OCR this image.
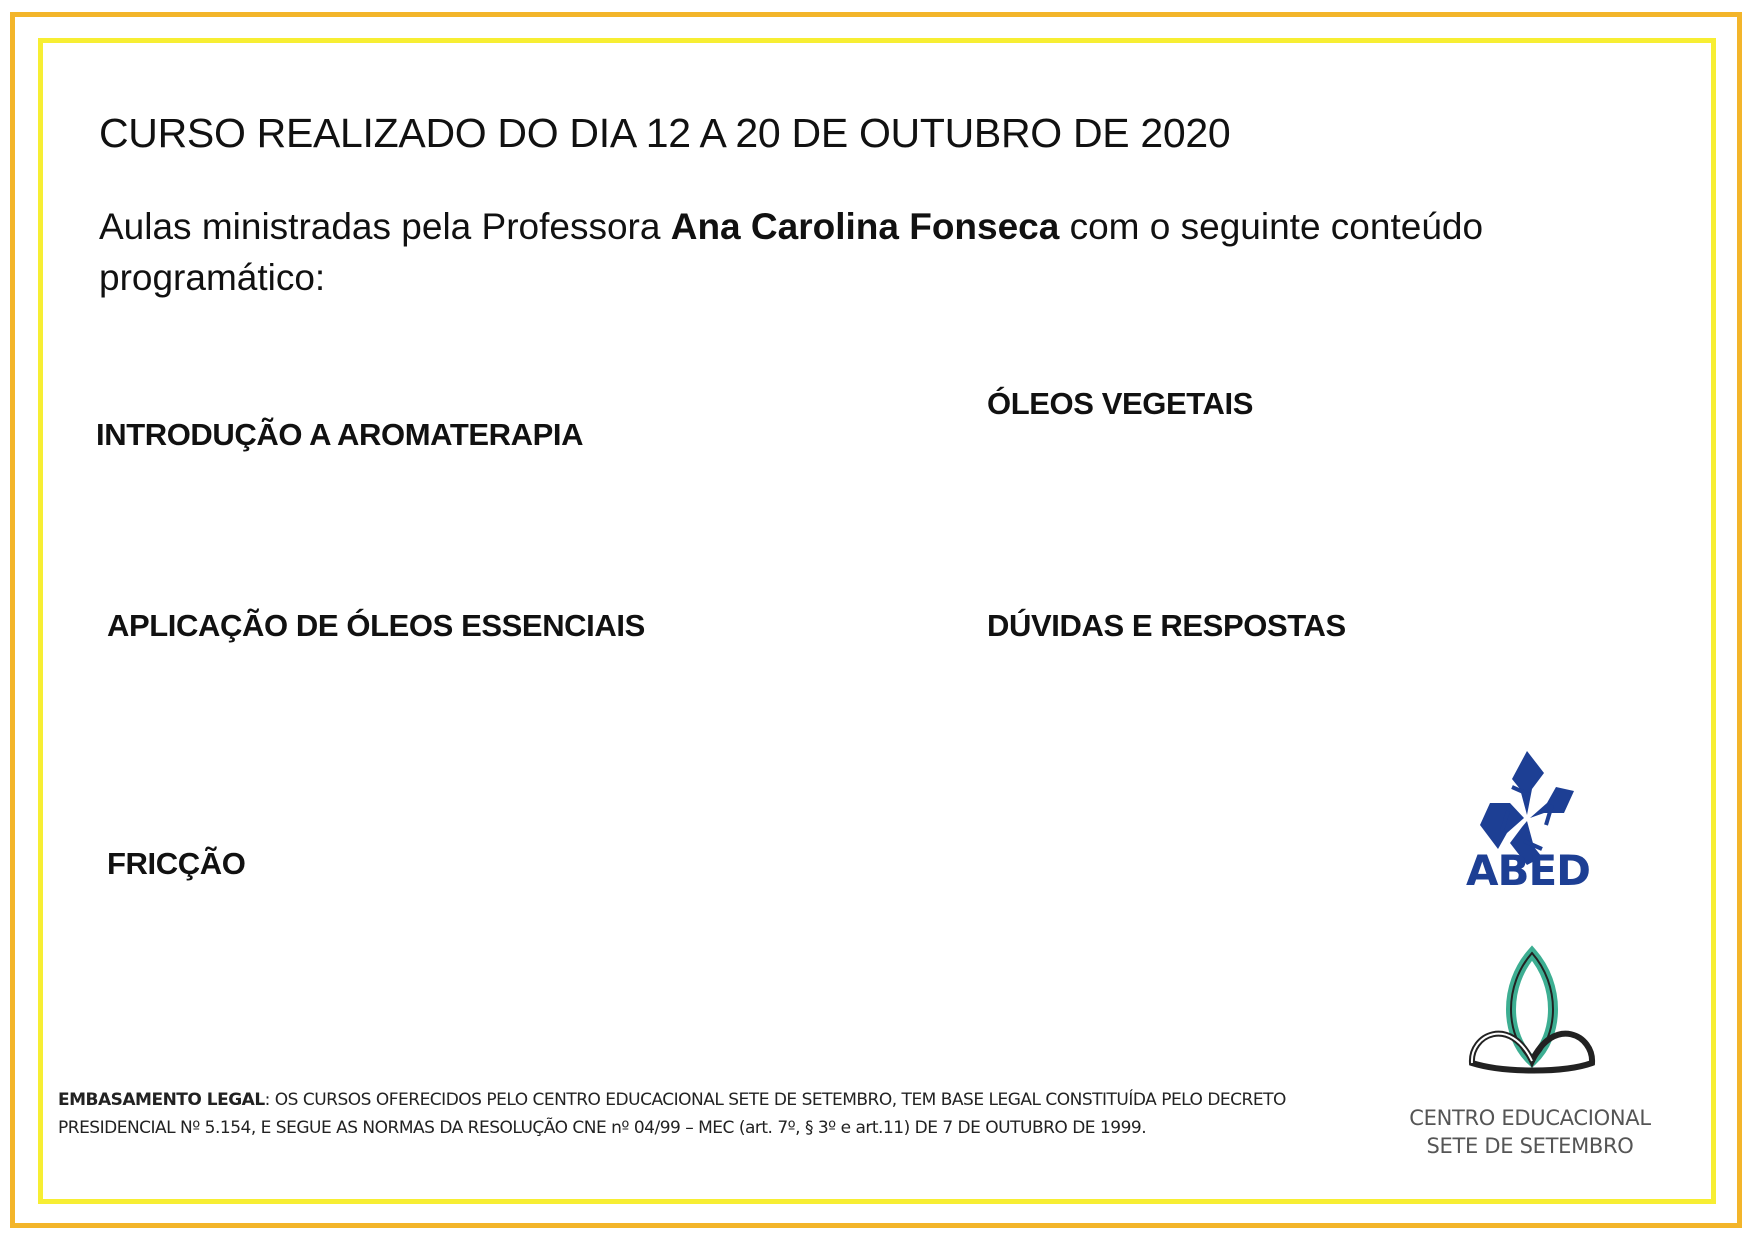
CURSO REALIZADO DO DIA 12 A 20 DE OUTUBRO DE 2020
Aulas ministradas pela Professora Ana Carolina Fonseca com o seguinte conteúdo programático:
INTRODUÇÃO A AROMATERAPIA
ÓLEOS VEGETAIS
APLICAÇÃO DE ÓLEOS ESSENCIAIS	DÚVIDAS E RESPOSTAS
FRICÇÃO
EMBASAMENTO LEGAL: OS CURSOS OFERECIDOS PELO CENTRO EDUCACIONAL SETE DE SETEMBRO, TEM BASE LEGAL CONSTITUÍDA PELO DECRETO PRESIDENCIAL Nº 5.154, E SEGUE AS NORMAS DA RESOLUÇÃO CNE nº 04/99 – MEC (art. 7º, § 3º e art.11) DE 7 DE OUTUBRO DE 1999.
ABED
CENTRO EDUCACIONAL
SETE DE SETEMBRO
